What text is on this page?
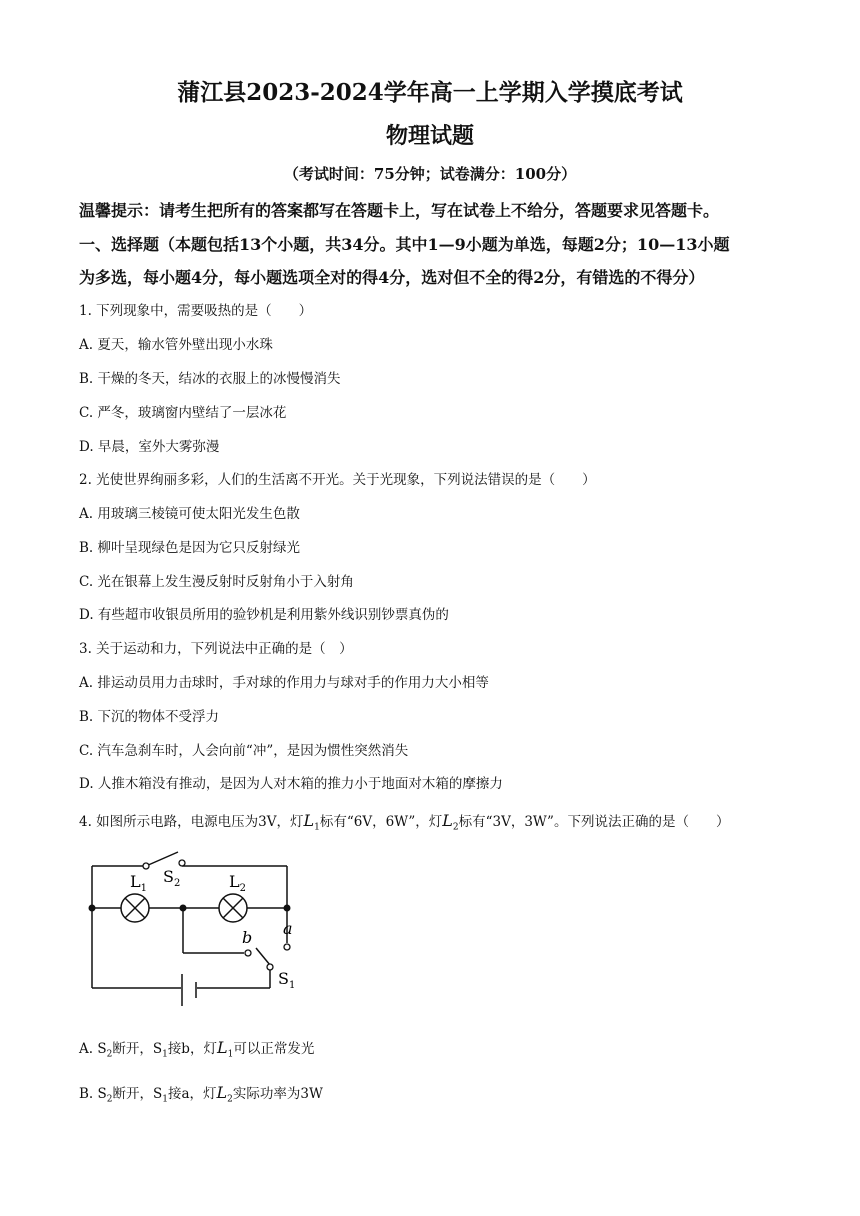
蒲江县2023-2024学年高一上学期入学摸底考试
物理试题
（考试时间：75分钟；试卷满分：100分）
温馨提示：请考生把所有的答案都写在答题卡上，写在试卷上不给分，答题要求见答题卡。
一、选择题（本题包括13个小题，共34分。其中1—9小题为单选，每题2分；10—13小题
为多选，每小题4分，每小题选项全对的得4分，选对但不全的得2分，有错选的不得分）
1. 下列现象中，需要吸热的是（　　）
A. 夏天，输水管外壁出现小水珠
B. 干燥的冬天，结冰的衣服上的冰慢慢消失
C. 严冬，玻璃窗内壁结了一层冰花
D. 早晨，室外大雾弥漫
2. 光使世界绚丽多彩，人们的生活离不开光。关于光现象，下列说法错误的是（　　）
A. 用玻璃三棱镜可使太阳光发生色散
B. 柳叶呈现绿色是因为它只反射绿光
C. 光在银幕上发生漫反射时反射角小于入射角
D. 有些超市收银员所用的验钞机是利用紫外线识别钞票真伪的
3. 关于运动和力，下列说法中正确的是（　）
A. 排运动员用力击球时，手对球的作用力与球对手的作用力大小相等
B. 下沉的物体不受浮力
C. 汽车急刹车时，人会向前“冲”，是因为惯性突然消失
D. 人推木箱没有推动，是因为人对木箱的推力小于地面对木箱的摩擦力
4. 如图所示电路，电源电压为3V，灯$L_1$标有“6V，6W”，灯$L_2$标有“3V，3W”。下列说法正确的是（　　）
$L_1$	$L_2$
$S_2$
$S_1$
b a
A. $S_2$断开，$S_1$接b，灯$L_1$可以正常发光
B. $S_2$断开，$S_1$接a，灯$L_2$实际功率为3W
